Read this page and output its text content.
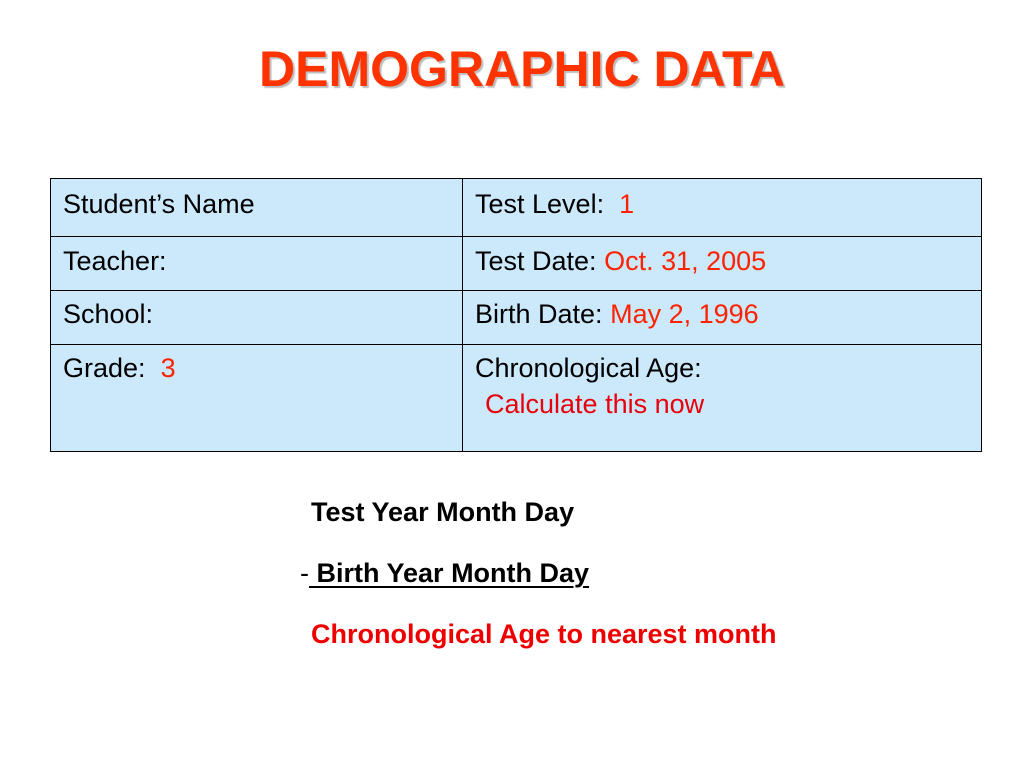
DEMOGRAPHIC DATA
Student’s Name	Test Level: 1
Teacher:	Test Date: Oct. 31, 2005
School:	Birth Date: May 2, 1996
Grade: 3	Chronological Age:
Calculate this now
Test Year Month Day
- Birth Year Month Day
Chronological Age to nearest month
